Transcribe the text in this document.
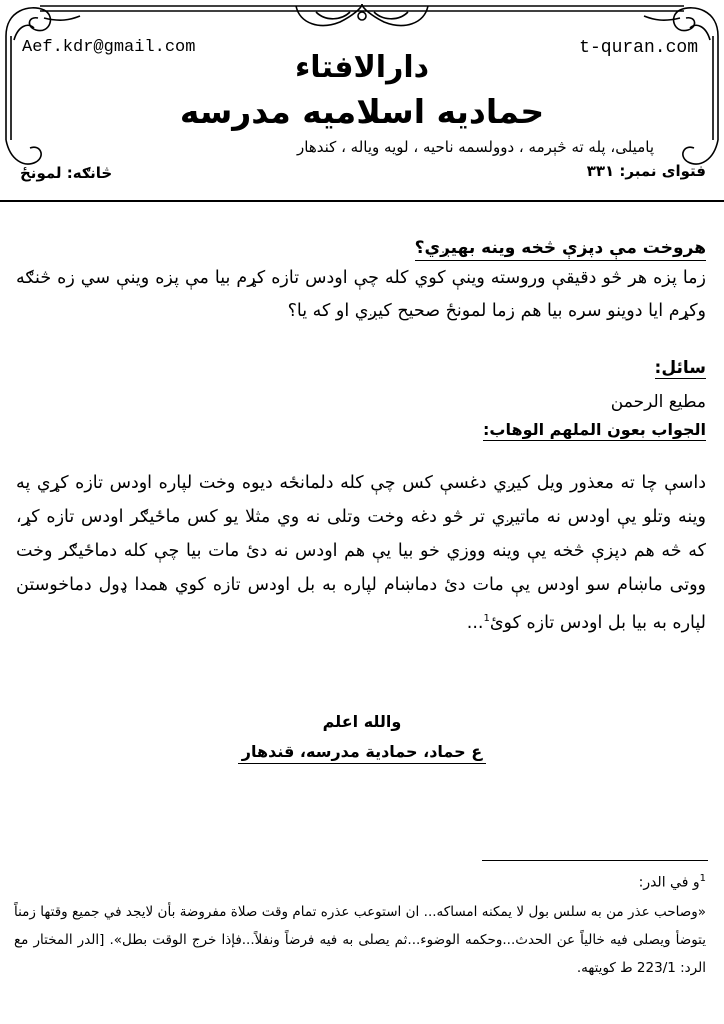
Aef.kdr@gmail.com	t-quran.com
دارالافتاء
حمادیه اسلامیه مدرسه
پامیلی، پله ته څېرمه ، دوولسمه ناحیه ، لویه ویاله ، کندهار
فتوای نمبر: ۳۳۱
څانګه: لمونځ
هروخت مې دپزې څخه وینه بهیږي؟
زما پزه هر څو دقیقې وروسته وینې کوي کله چې اودس تازه کړم بیا مې پزه وینې سي زه څنګه وکړم ایا دوینو سره بیا هم زما لمونځ صحیح کیږي او که یا؟
سائل:
مطیع الرحمن
الجواب بعون الملهم الوهاب:
داسې چا ته معذور ویل کیږي دغسې کس چې کله دلمانځه دیوه وخت لپاره اودس تازه کړي په وینه وتلو یې اودس نه ماتیږي تر څو دغه وخت وتلی نه وي مثلا یو کس ماځیګر اودس تازه کړ، که څه هم دپزې څخه یې وینه ووزي خو بیا یې هم اودس نه دئ مات بیا چې کله دماځیګر وخت ووتی ماښام سو اودس یې مات دئ دماښام لپاره به بل اودس تازه کوي همدا ډول دماخوستن لپاره به بیا بل اودس تازه کوئ$^1$...
والله اعلم
ع حماد، حمادیة مدرسه، قندهار
$^1$و في الدر:
«وصاحب عذر من به سلس بول لا یمکنه امساکه... ان استوعب عذره تمام وقت صلاة مفروضة بأن لایجد في جمیع وقتها زمناً یتوضأ ویصلی فیه خالیاً عن الحدث...وحکمه الوضوء...ثم یصلی به فیه فرضاً ونفلاً...فإذا خرج الوقت بطل». [الدر المختار مع الرد: 223/1 ط کویتهه.
